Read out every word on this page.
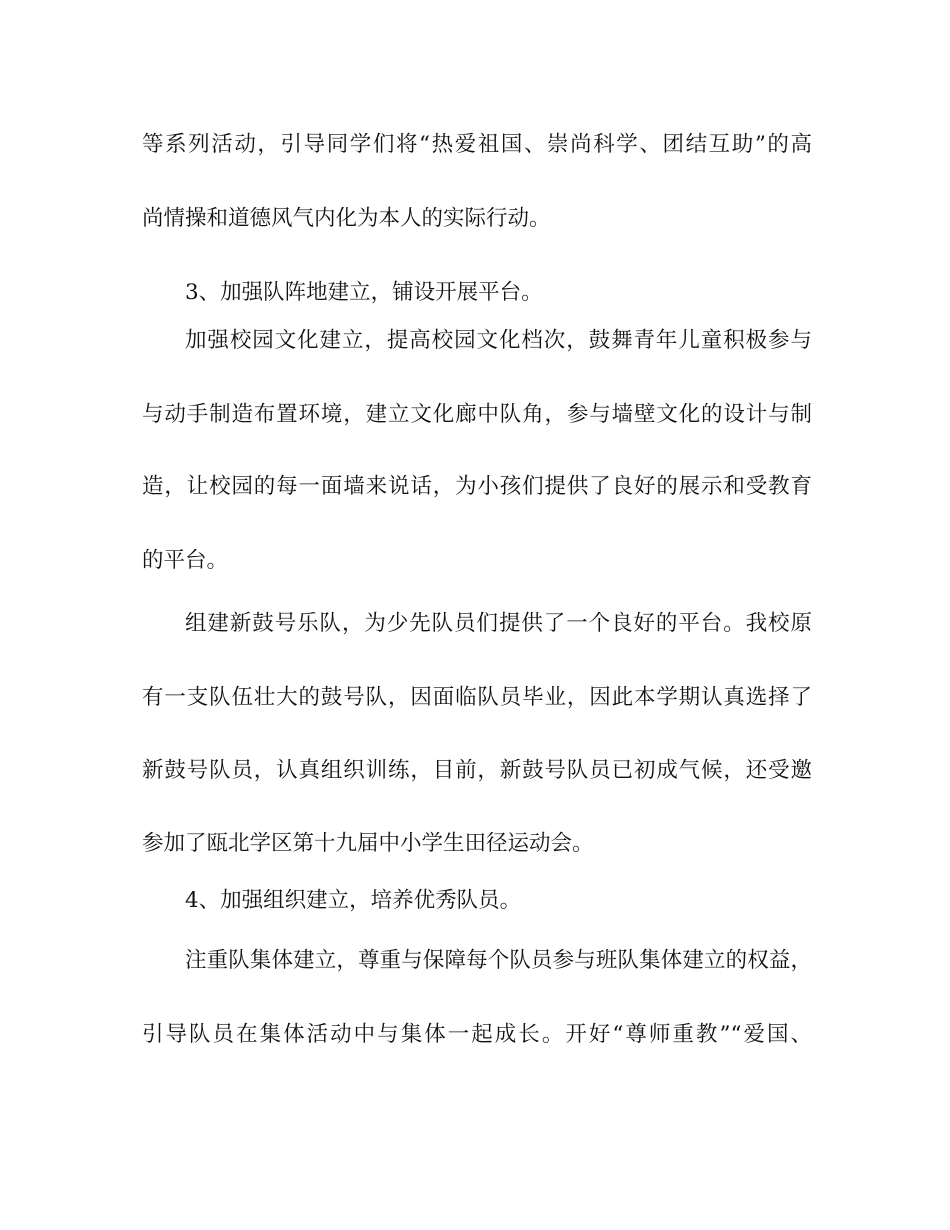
等系列活动，引导同学们将“热爱祖国、崇尚科学、团结互助”的高
尚情操和道德风气内化为本人的实际行动。
3、加强队阵地建立，铺设开展平台。
加强校园文化建立，提高校园文化档次，鼓舞青年儿童积极参与
与动手制造布置环境，建立文化廊中队角，参与墙壁文化的设计与制
造，让校园的每一面墙来说话，为小孩们提供了良好的展示和受教育
的平台。
组建新鼓号乐队，为少先队员们提供了一个良好的平台。我校原
有一支队伍壮大的鼓号队，因面临队员毕业，因此本学期认真选择了
新鼓号队员，认真组织训练，目前，新鼓号队员已初成气候，还受邀
参加了瓯北学区第十九届中小学生田径运动会。
4、加强组织建立，培养优秀队员。
注重队集体建立，尊重与保障每个队员参与班队集体建立的权益，
引导队员在集体活动中与集体一起成长。开好“尊师重教”“爱国、
